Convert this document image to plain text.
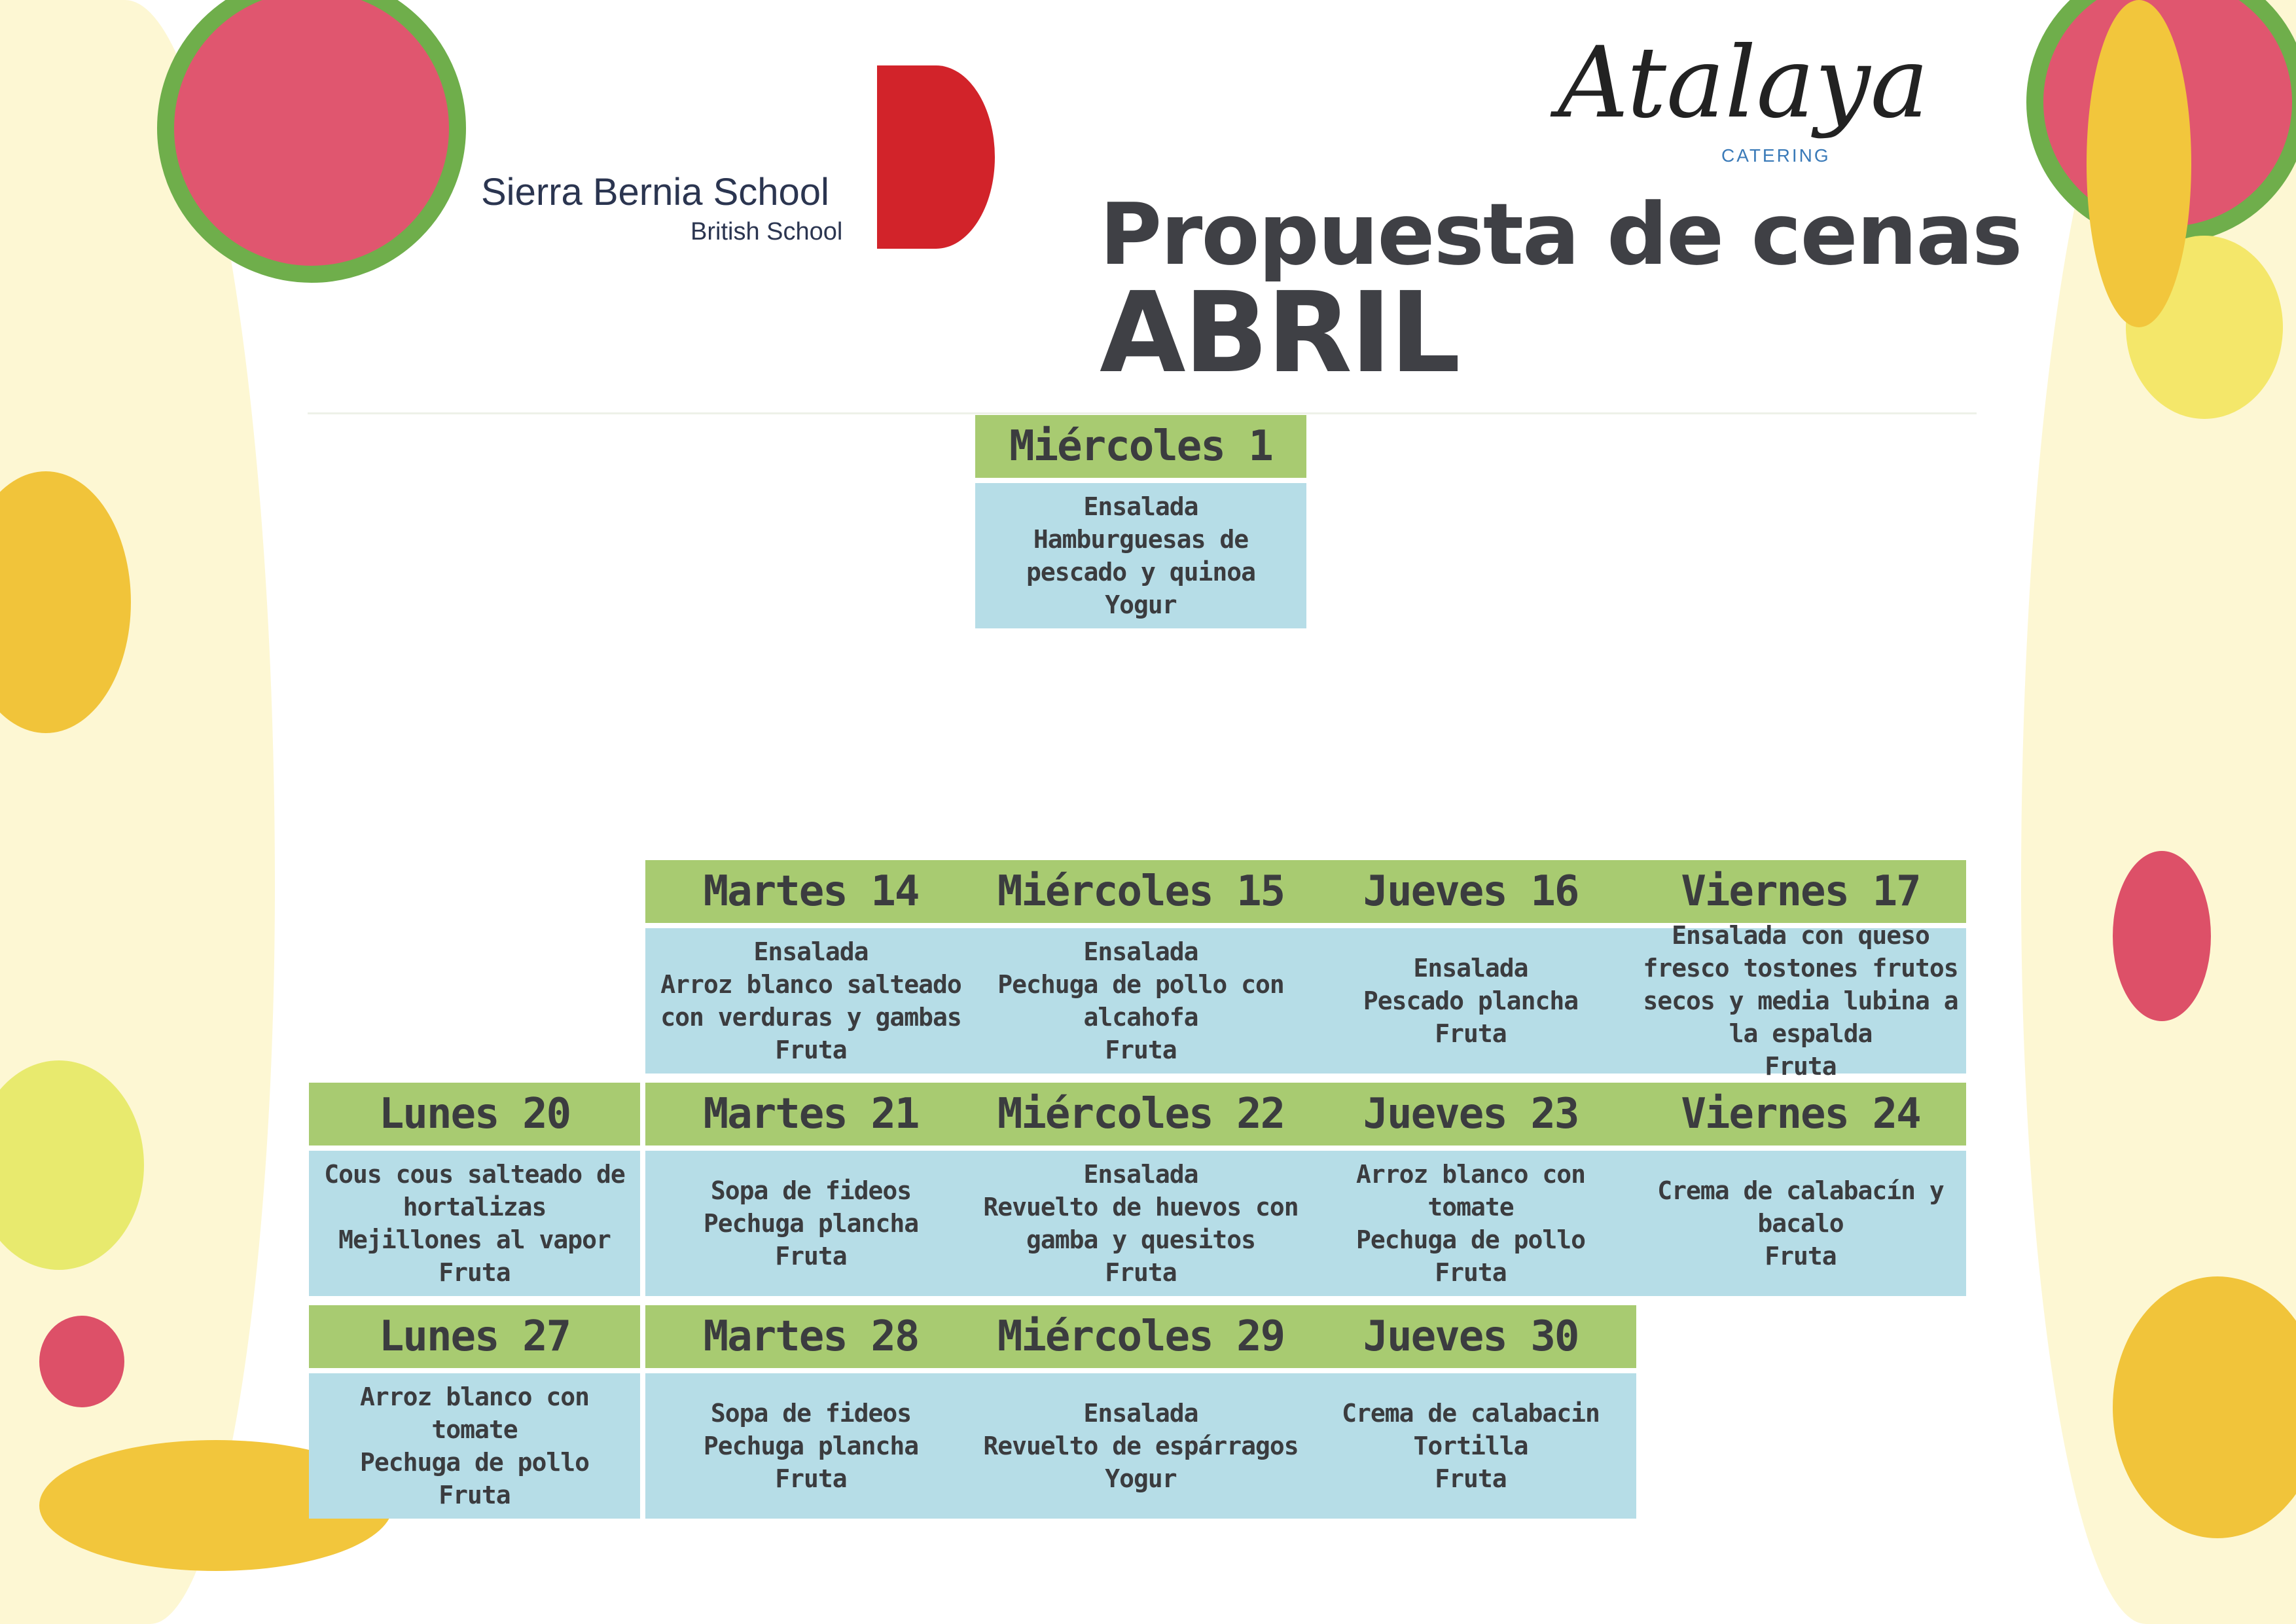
Sierra Bernia School
British School
Atalaya
CATERING
Propuesta de cenas
ABRIL
Miércoles 1
Ensalada
Hamburguesas de pescado y quinoa
Yogur
Martes 14
Ensalada
Arroz blanco salteado con verduras y gambas
Fruta
Miércoles 15
Ensalada
Pechuga de pollo con alcahofa
Fruta
Jueves 16
Ensalada
Pescado plancha
Fruta
Viernes 17
Ensalada con queso fresco tostones frutos secos y media lubina a la espalda
Fruta
Lunes 20
Cous cous salteado de hortalizas
Mejillones al vapor
Fruta
Martes 21
Sopa de fideos
Pechuga plancha
Fruta
Miércoles 22
Ensalada
Revuelto de huevos con gamba y quesitos
Fruta
Jueves 23
Arroz blanco con tomate
Pechuga de pollo
Fruta
Viernes 24
Crema de calabacín y bacalo
Fruta
Lunes 27
Arroz blanco con tomate
Pechuga de pollo
Fruta
Martes 28
Sopa de fideos
Pechuga plancha
Fruta
Miércoles 29
Ensalada
Revuelto de espárragos
Yogur
Jueves 30
Crema de calabacin
Tortilla
Fruta
